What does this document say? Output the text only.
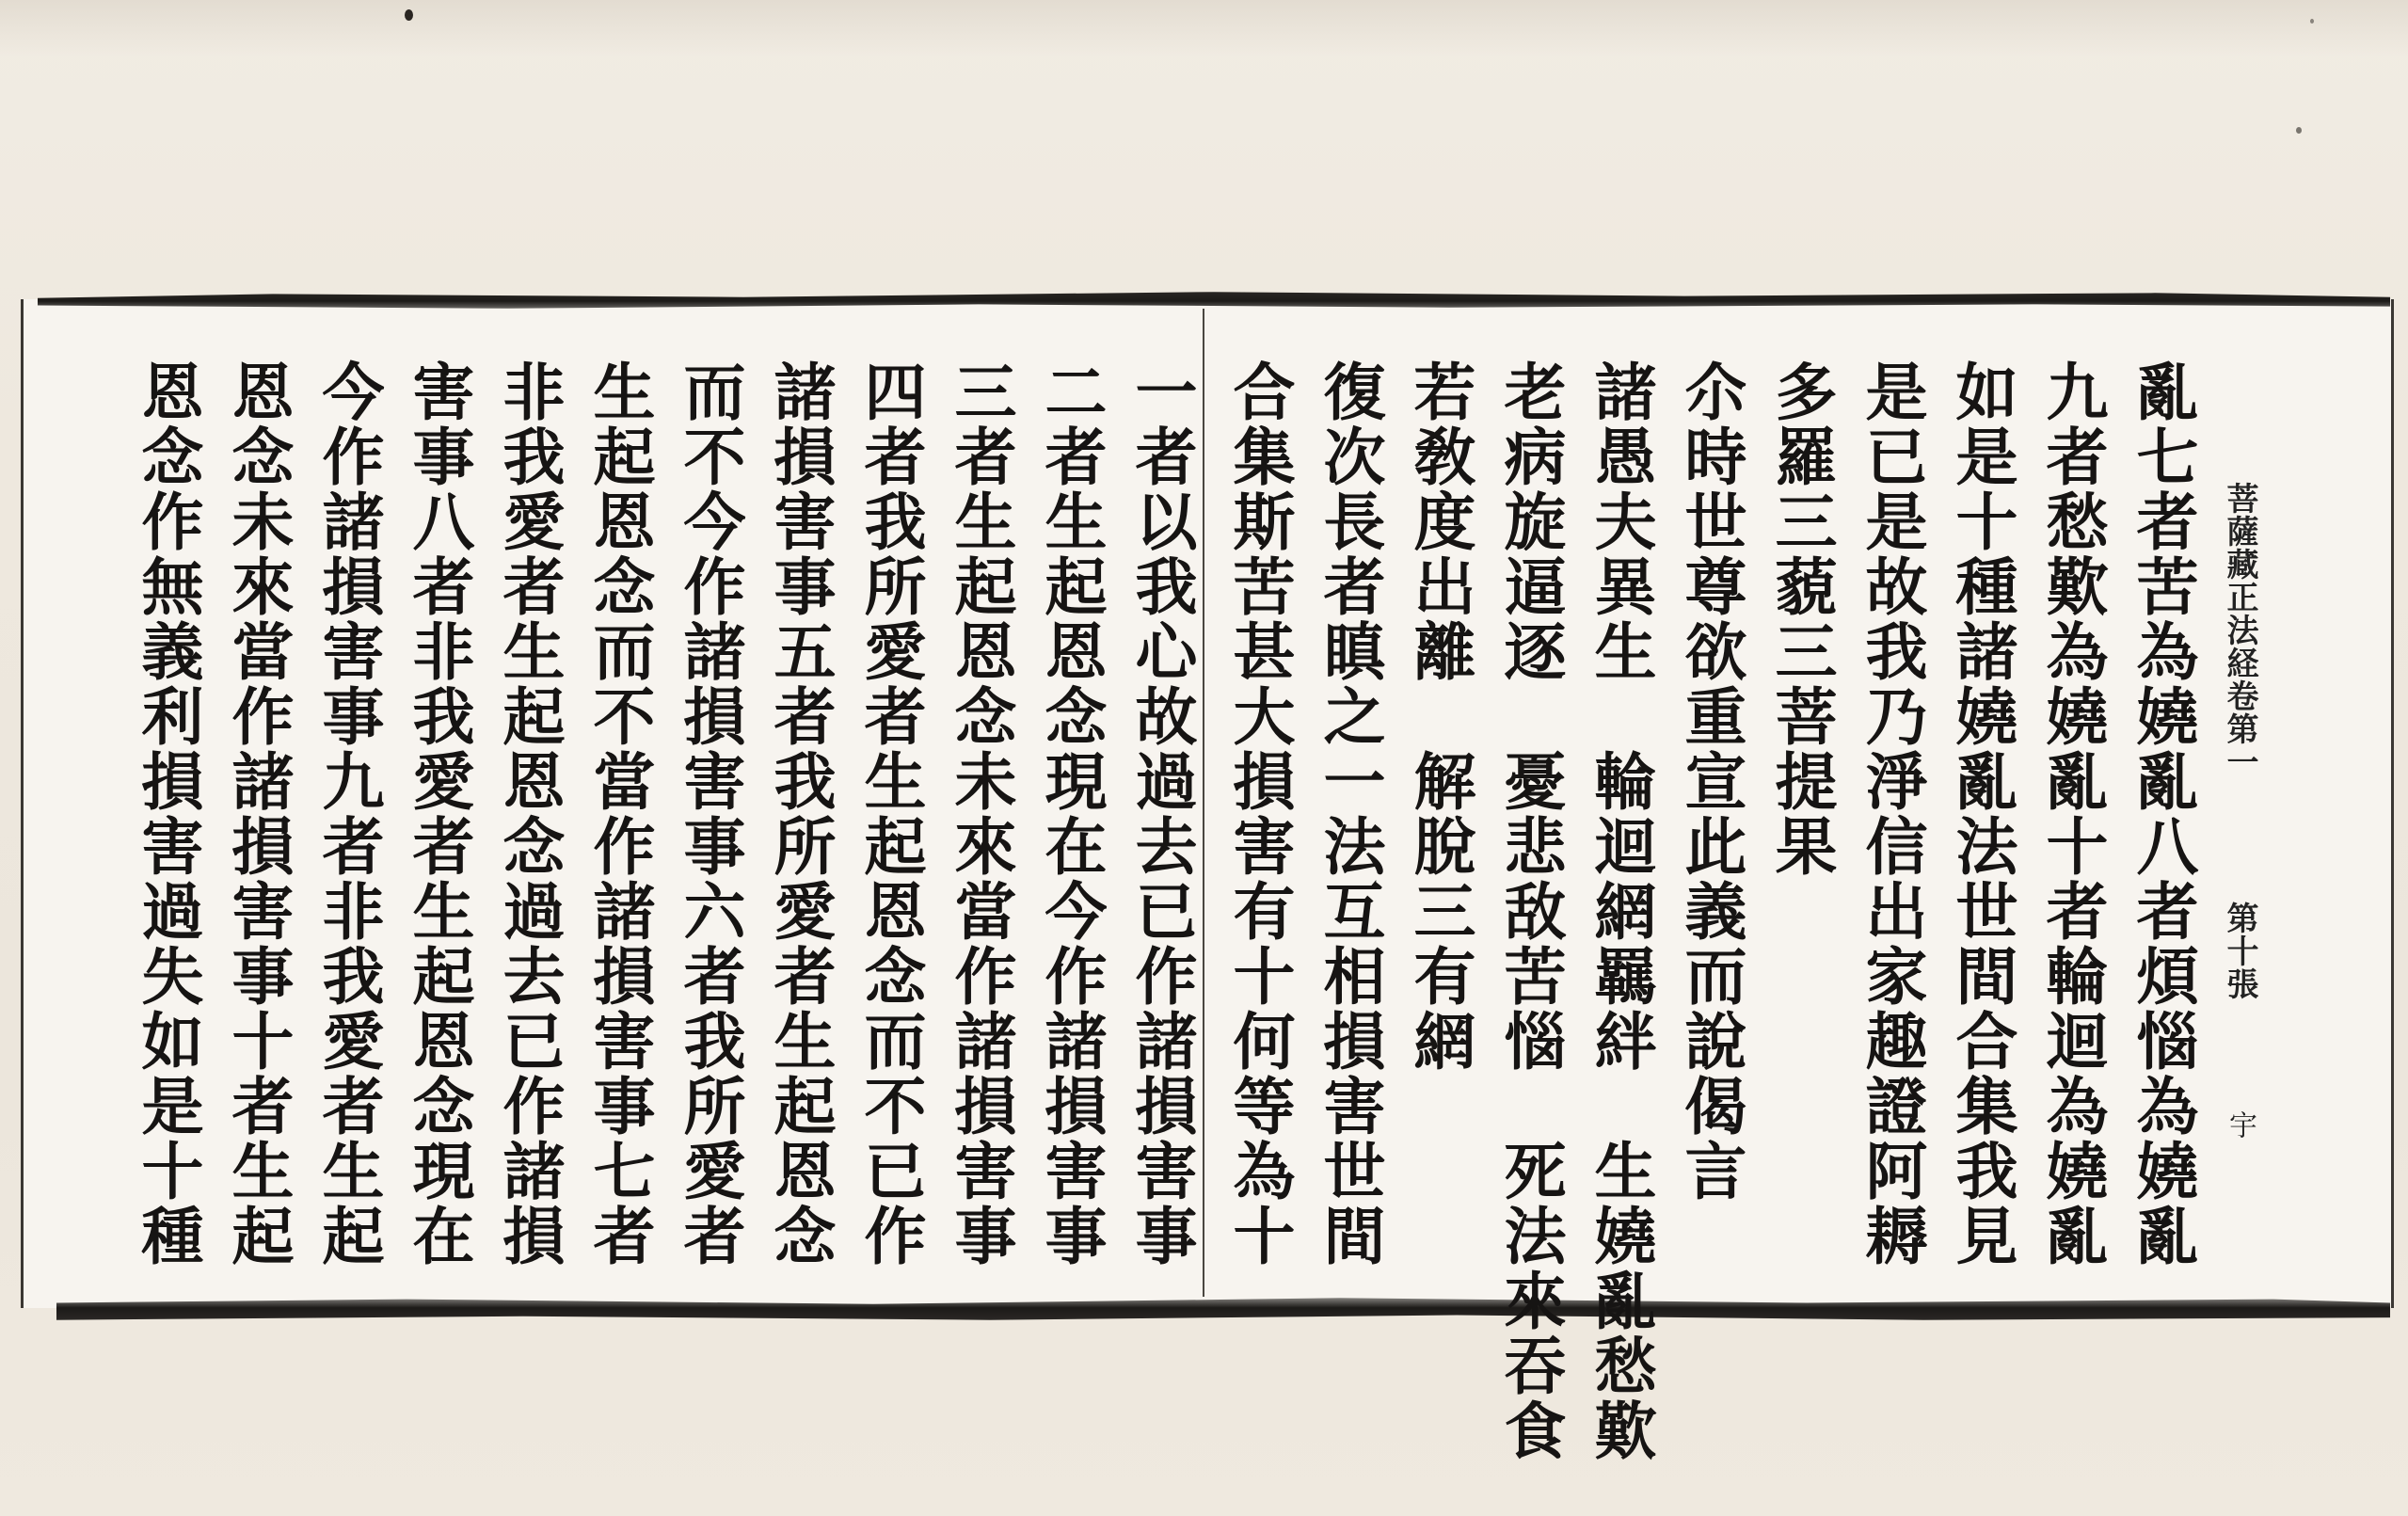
菩薩藏正法経卷第一
第十張
宇
亂七者苦為嬈亂八者煩惱為嬈亂
九者愁歎為嬈亂十者輪迴為嬈亂
如是十種諸嬈亂法世間合集我見
是已是故我乃淨信出家趣證阿耨
多羅三藐三菩提果
尒時世尊欲重宣此義而說偈言
諸愚夫異生　輪迴網羈絆　生嬈亂愁歎
老病旋逼逐　憂悲敌苦惱　死法來吞食
若敎度出離　解脫三有網
復次長者瞋之一法互相損害世間
合集斯苦甚大損害有十何等為十
一者以我心故過去已作諸損害事
二者生起恩念現在今作諸損害事
三者生起恩念未來當作諸損害事
四者我所愛者生起恩念而不已作
諸損害事五者我所愛者生起恩念
而不今作諸損害事六者我所愛者
生起恩念而不當作諸損害事七者
非我愛者生起恩念過去已作諸損
害事八者非我愛者生起恩念現在
今作諸損害事九者非我愛者生起
恩念未來當作諸損害事十者生起
恩念作無義利損害過失如是十種
